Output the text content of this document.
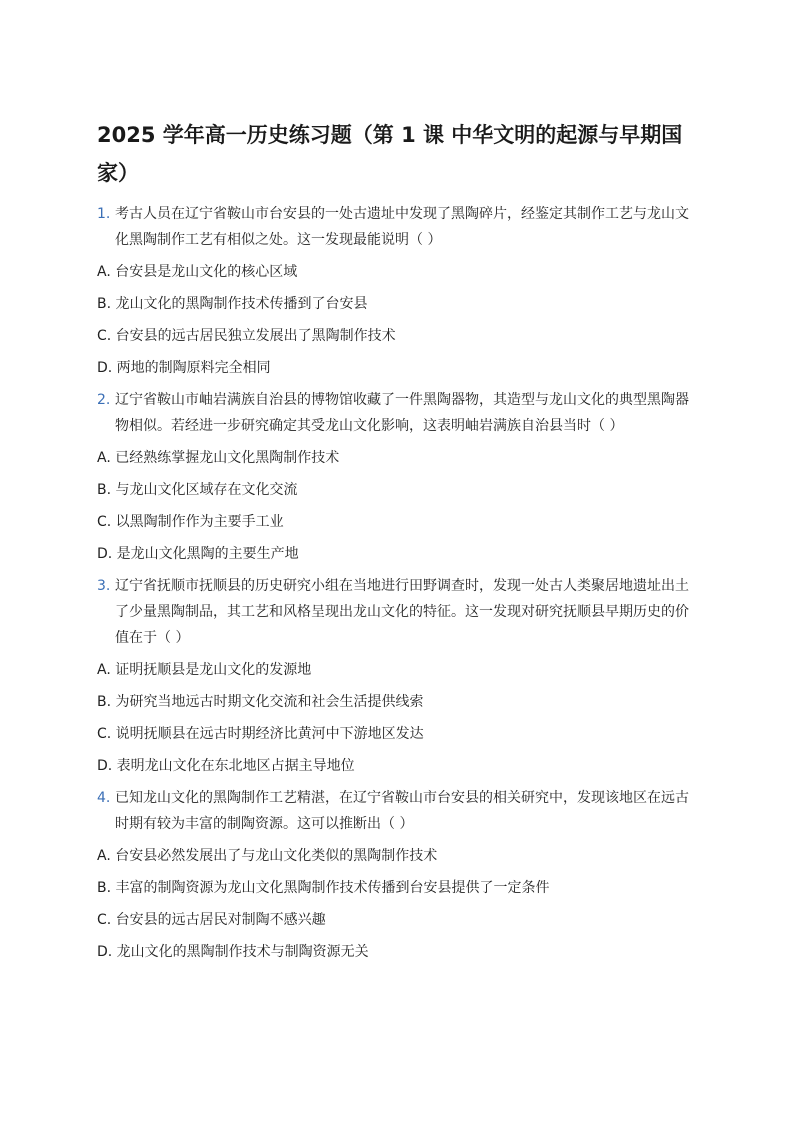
2025 学年高一历史练习题（第 1 课 中华文明的起源与早期国家）
1. 考古人员在辽宁省鞍山市台安县的一处古遗址中发现了黑陶碎片，经鉴定其制作工艺与龙山文化黑陶制作工艺有相似之处。这一发现最能说明（ ）
A. 台安县是龙山文化的核心区域
B. 龙山文化的黑陶制作技术传播到了台安县
C. 台安县的远古居民独立发展出了黑陶制作技术
D. 两地的制陶原料完全相同
2. 辽宁省鞍山市岫岩满族自治县的博物馆收藏了一件黑陶器物，其造型与龙山文化的典型黑陶器物相似。若经进一步研究确定其受龙山文化影响，这表明岫岩满族自治县当时（ ）
A. 已经熟练掌握龙山文化黑陶制作技术
B. 与龙山文化区域存在文化交流
C. 以黑陶制作作为主要手工业
D. 是龙山文化黑陶的主要生产地
3. 辽宁省抚顺市抚顺县的历史研究小组在当地进行田野调查时，发现一处古人类聚居地遗址出土了少量黑陶制品，其工艺和风格呈现出龙山文化的特征。这一发现对研究抚顺县早期历史的价值在于（ ）
A. 证明抚顺县是龙山文化的发源地
B. 为研究当地远古时期文化交流和社会生活提供线索
C. 说明抚顺县在远古时期经济比黄河中下游地区发达
D. 表明龙山文化在东北地区占据主导地位
4. 已知龙山文化的黑陶制作工艺精湛，在辽宁省鞍山市台安县的相关研究中，发现该地区在远古时期有较为丰富的制陶资源。这可以推断出（ ）
A. 台安县必然发展出了与龙山文化类似的黑陶制作技术
B. 丰富的制陶资源为龙山文化黑陶制作技术传播到台安县提供了一定条件
C. 台安县的远古居民对制陶不感兴趣
D. 龙山文化的黑陶制作技术与制陶资源无关
